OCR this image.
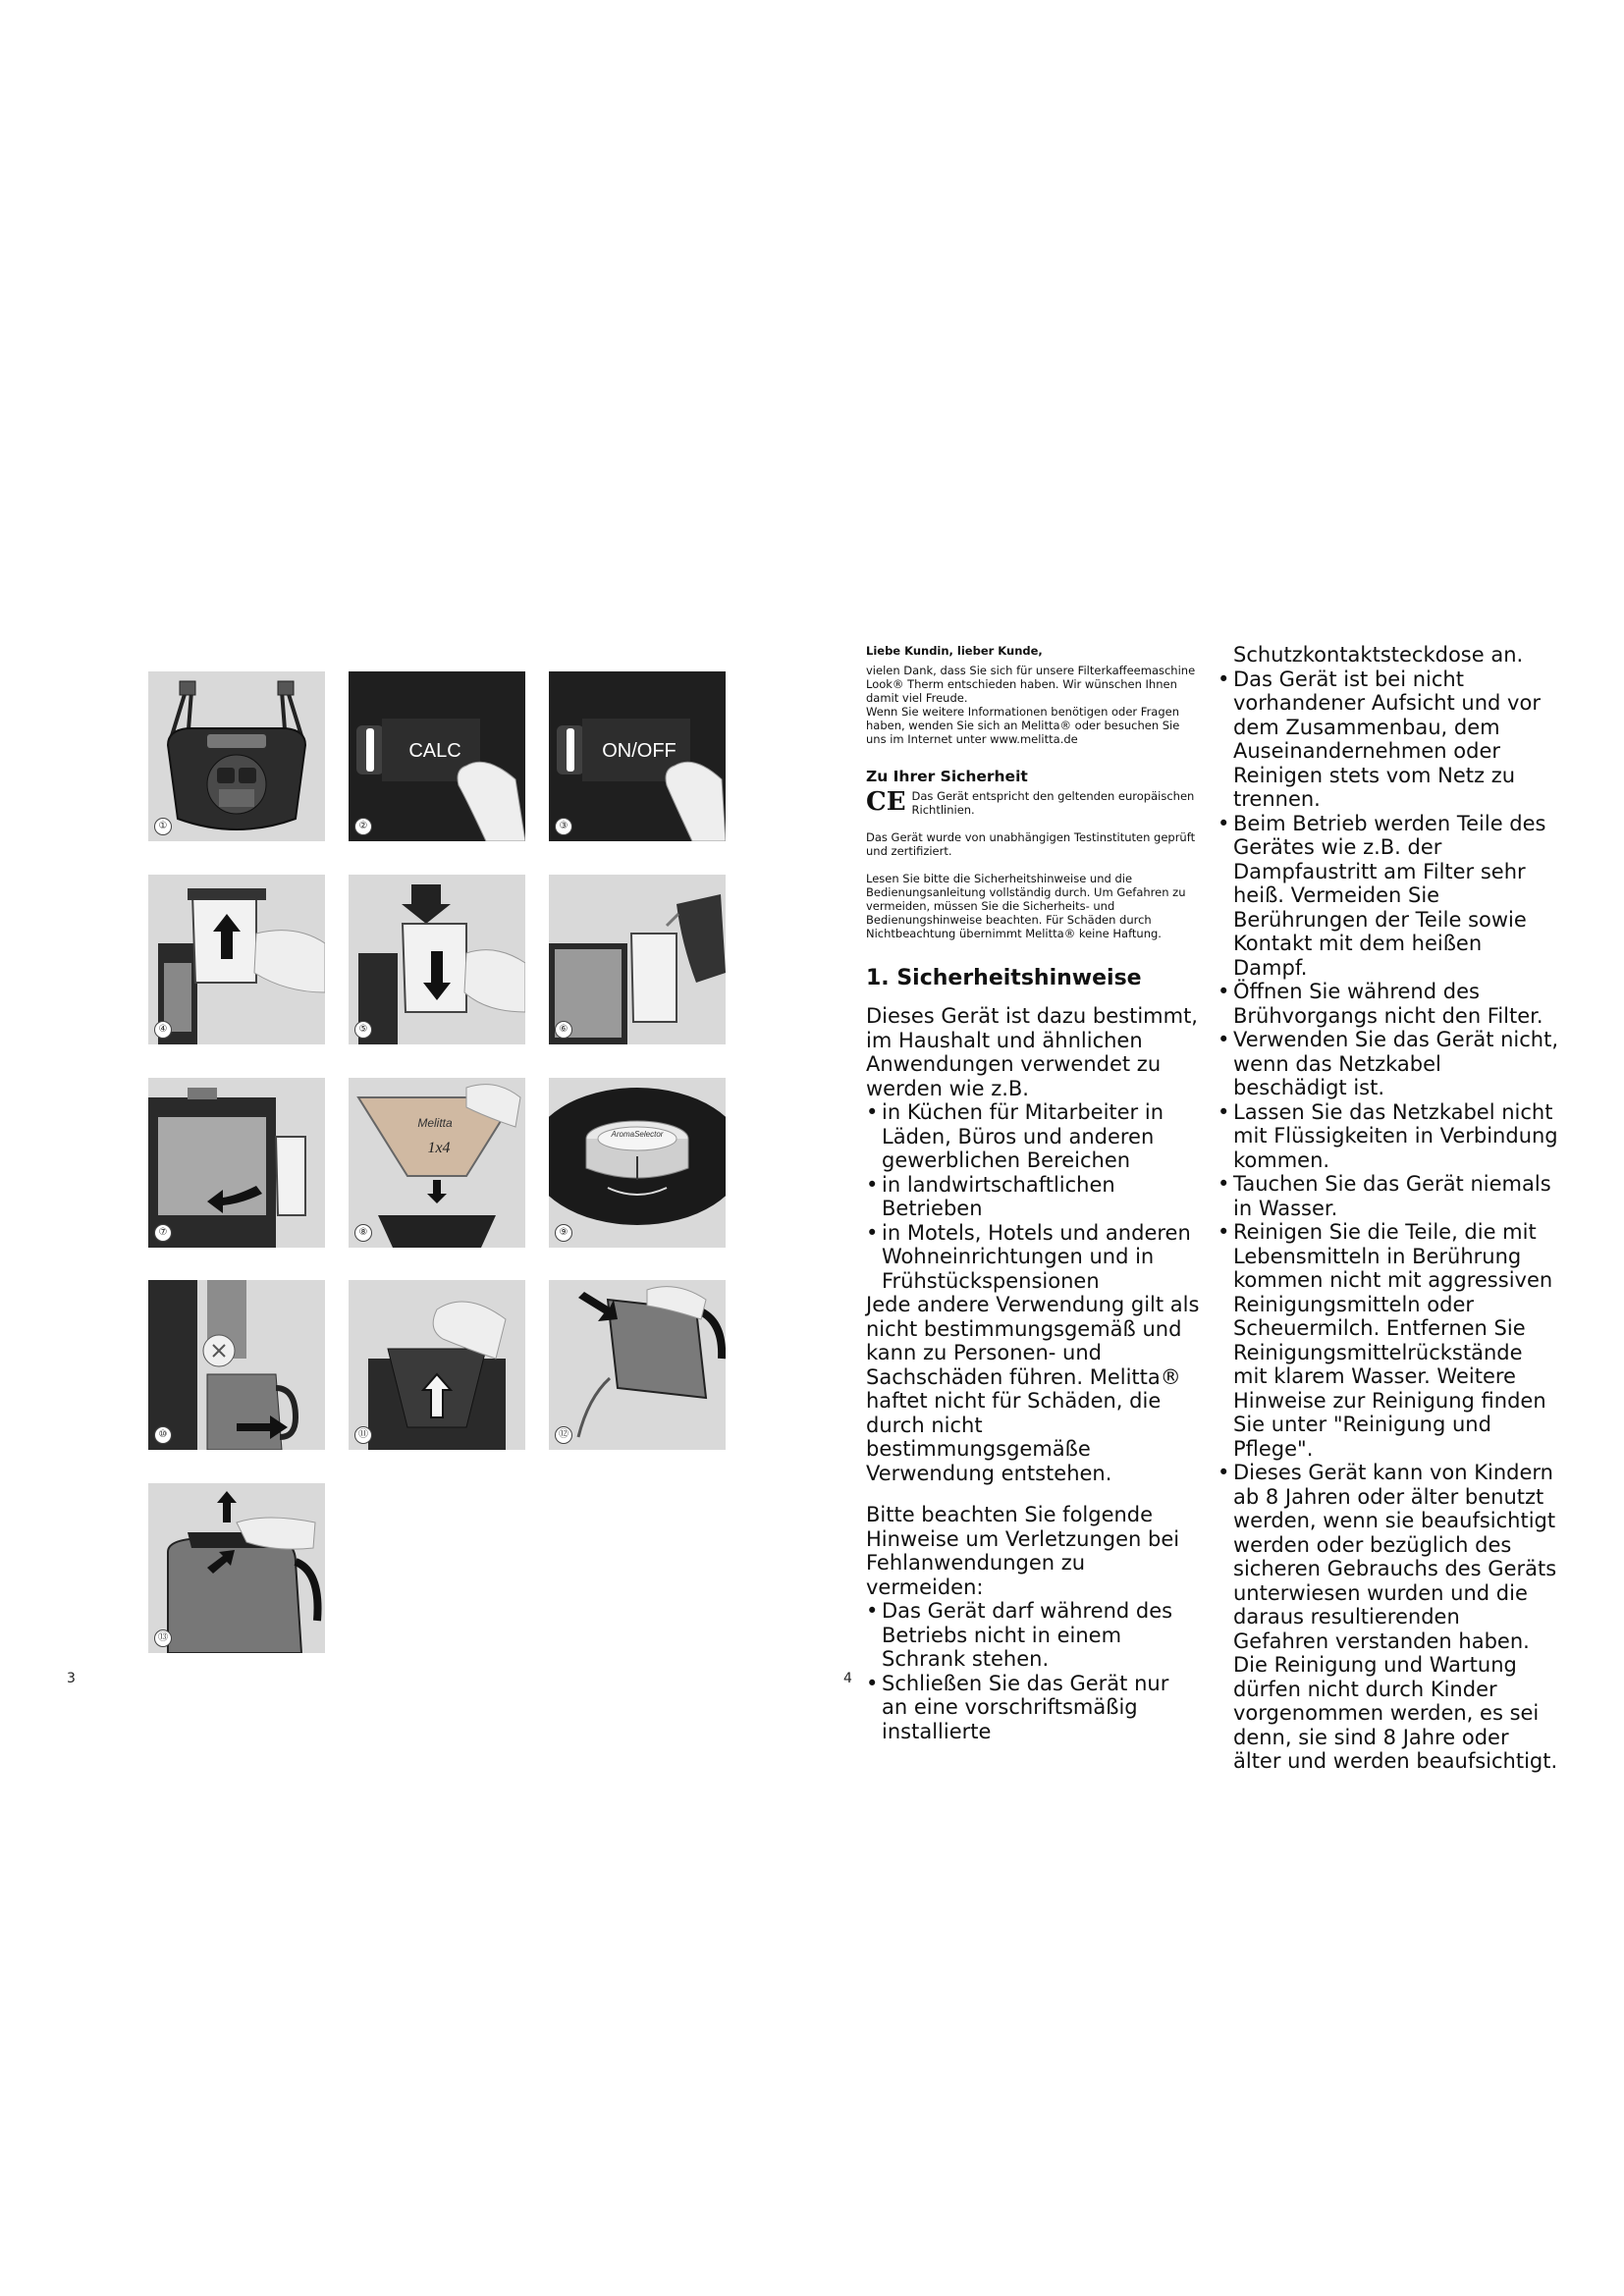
①
CALC
②
ON/OFF
③
④	⑤	⑥
⑦
Melitta
1x4
⑧
AromaSelector
⑨
⑩	⑪	⑫
⑬
3

Liebe Kundin, lieber Kunde,

vielen Dank, dass Sie sich für unsere Filterkaffeemaschine Look® Therm entschieden haben. Wir wünschen Ihnen damit viel Freude.

Wenn Sie weitere Informationen benötigen oder Fragen haben, wenden Sie sich an Melitta® oder besuchen Sie uns im Internet unter www.melitta.de

Zu Ihrer Sicherheit
CE Das Gerät entspricht den geltenden europäischen Richtlinien.

Das Gerät wurde von unabhängigen Testinstituten geprüft und zertifiziert.

Lesen Sie bitte die Sicherheitshinweise und die Bedienungsanleitung vollständig durch. Um Gefahren zu vermeiden, müssen Sie die Sicherheits- und Bedienungshinweise beachten. Für Schäden durch Nichtbeachtung übernimmt Melitta® keine Haftung.

1. Sicherheitshinweise

Dieses Gerät ist dazu bestimmt, im Haushalt und ähnlichen Anwendungen verwendet zu werden wie z.B.

• in Küchen für Mitarbeiter in Läden, Büros und anderen gewerblichen Bereichen
• in landwirtschaftlichen Betrieben
• in Motels, Hotels und anderen Wohneinrichtungen und in Frühstückspensionen

Jede andere Verwendung gilt als nicht bestimmungsgemäß und kann zu Personen- und Sachschäden führen. Melitta® haftet nicht für Schäden, die durch nicht bestimmungsgemäße Verwendung entstehen.

Bitte beachten Sie folgende Hinweise um Verletzungen bei Fehlanwendungen zu vermeiden:

• Das Gerät darf während des Betriebs nicht in einem Schrank stehen.
• Schließen Sie das Gerät nur an eine vorschriftsmäßig installierte
4

Schutzkontaktsteckdose an.

• Das Gerät ist bei nicht vorhandener Aufsicht und vor dem Zusammenbau, dem Auseinandernehmen oder Reinigen stets vom Netz zu trennen.
• Beim Betrieb werden Teile des Gerätes wie z.B. der Dampfaustritt am Filter sehr heiß. Vermeiden Sie Berührungen der Teile sowie Kontakt mit dem heißen Dampf.
• Öffnen Sie während des Brühvorgangs nicht den Filter.
• Verwenden Sie das Gerät nicht, wenn das Netzkabel beschädigt ist.
• Lassen Sie das Netzkabel nicht mit Flüssigkeiten in Verbindung kommen.
• Tauchen Sie das Gerät niemals in Wasser.
• Reinigen Sie die Teile, die mit Lebensmitteln in Berührung kommen nicht mit aggressiven Reinigungsmitteln oder Scheuermilch. Entfernen Sie Reinigungsmittelrückstände mit klarem Wasser. Weitere Hinweise zur Reinigung finden Sie unter "Reinigung und Pflege".
• Dieses Gerät kann von Kindern ab 8 Jahren oder älter benutzt werden, wenn sie beaufsichtigt werden oder bezüglich des sicheren Gebrauchs des Geräts unterwiesen wurden und die daraus resultierenden Gefahren verstanden haben. Die Reinigung und Wartung dürfen nicht durch Kinder vorgenommen werden, es sei denn, sie sind 8 Jahre oder älter und werden beaufsichtigt.
